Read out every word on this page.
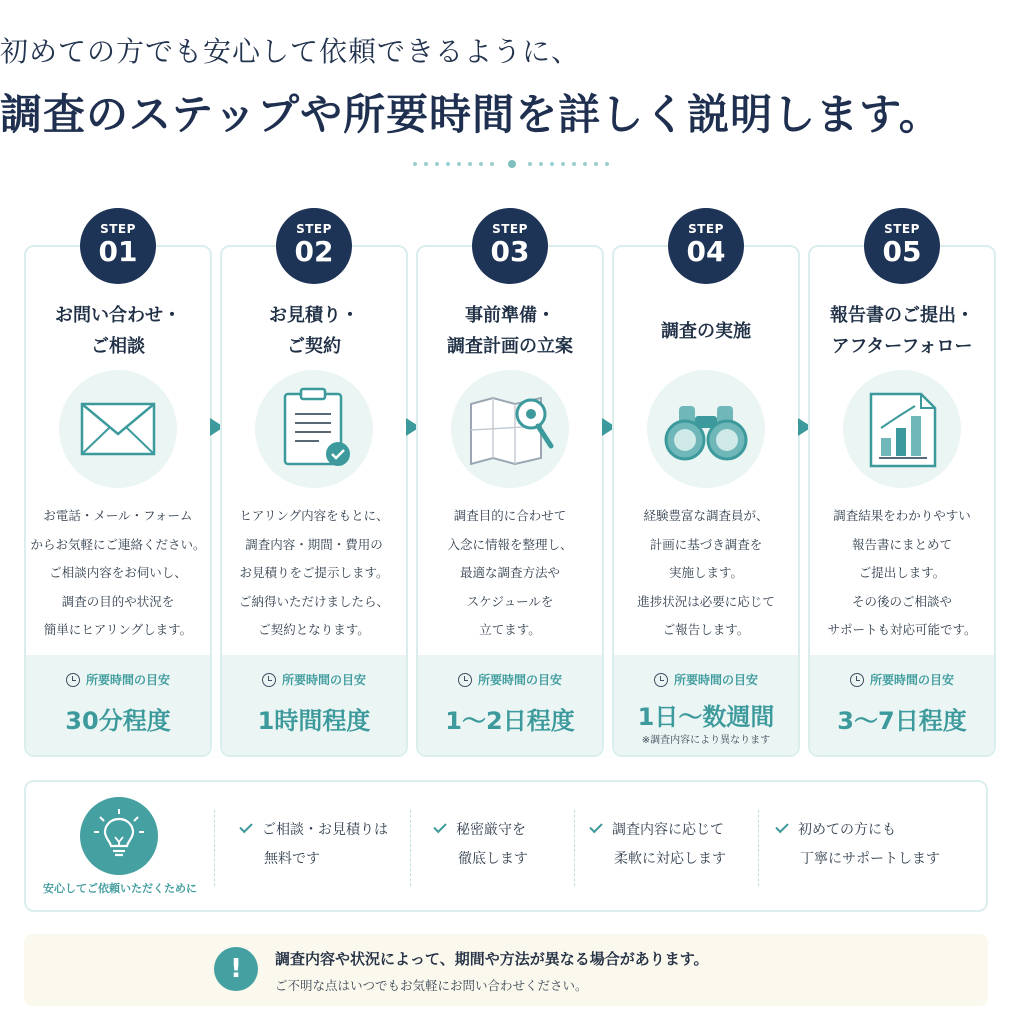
初めての方でも安心して依頼できるように、
調査のステップや所要時間を詳しく説明します。
所要時間の目安
30分程度
STEP
01
お問い合わせ・
ご相談
お電話・メール・フォーム
からお気軽にご連絡ください。
ご相談内容をお伺いし、
調査の目的や状況を
簡単にヒアリングします。
所要時間の目安
1時間程度
STEP
02
お見積り・
ご契約
ヒアリング内容をもとに、
調査内容・期間・費用の
お見積りをご提示します。
ご納得いただけましたら、
ご契約となります。
所要時間の目安
1〜2日程度
STEP
03
事前準備・
調査計画の立案
調査目的に合わせて
入念に情報を整理し、
最適な調査方法や
スケジュールを
立てます。
所要時間の目安
1日〜数週間
※調査内容により異なります
STEP
04
調査の実施
経験豊富な調査員が、
計画に基づき調査を
実施します。
進捗状況は必要に応じて
ご報告します。
所要時間の目安
3〜7日程度
STEP
05
報告書のご提出・
アフターフォロー
調査結果をわかりやすい
報告書にまとめて
ご提出します。
その後のご相談や
サポートも対応可能です。
安心してご依頼いただくために
ご相談・お見積りは
無料です
秘密厳守を
徹底します
調査内容に応じて
柔軟に対応します
初めての方にも
丁寧にサポートします
!	調査内容や状況によって、期間や方法が異なる場合があります。
ご不明な点はいつでもお気軽にお問い合わせください。
